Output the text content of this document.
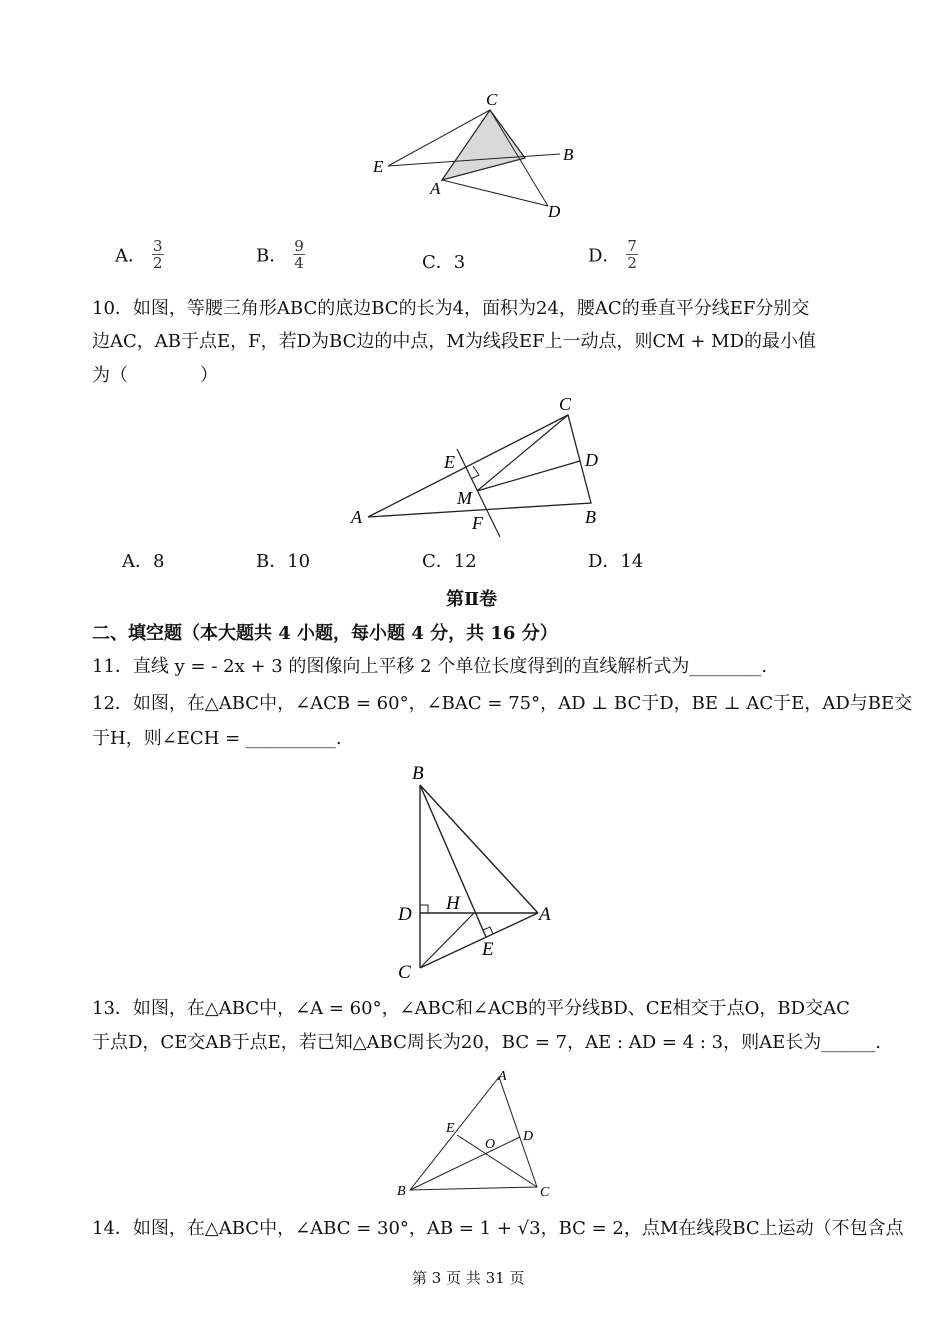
C
B
E
A
D
A． $\frac{3}{2}$	B． $\frac{9}{4}$	C．3	D． $\frac{7}{2}$
10．如图，等腰三角形ABC的底边BC的长为4，面积为24，腰AC的垂直平分线EF分别交
边AC，AB于点E，F，若D为BC边的中点，M为线段EF上一动点，则CM + MD的最小值
为（　　　　）
C
E	D
M
A	F	B
A．8	B．10	C．12	D．14
第Ⅱ卷
二、填空题（本大题共 4 小题，每小题 4 分，共 16 分）
11．直线 y = - 2x + 3 的图像向上平移 2 个单位长度得到的直线解析式为________.
12．如图，在△ABC中，∠ACB = 60°，∠BAC = 75°，AD ⊥ BC于D，BE ⊥ AC于E，AD与BE交
于H，则∠ECH = __________.
B
D
H
A
E
C
13．如图，在△ABC中，∠A = 60°，∠ABC和∠ACB的平分线BD、CE相交于点O，BD交AC
于点D，CE交AB于点E，若已知△ABC周长为20，BC = 7，AE : AD = 4 : 3，则AE长为______.
A
E
O
D
B	C
14．如图，在△ABC中，∠ABC = 30°，AB = 1 + √3，BC = 2，点M在线段BC上运动（不包含点
第 3 页 共 31 页
